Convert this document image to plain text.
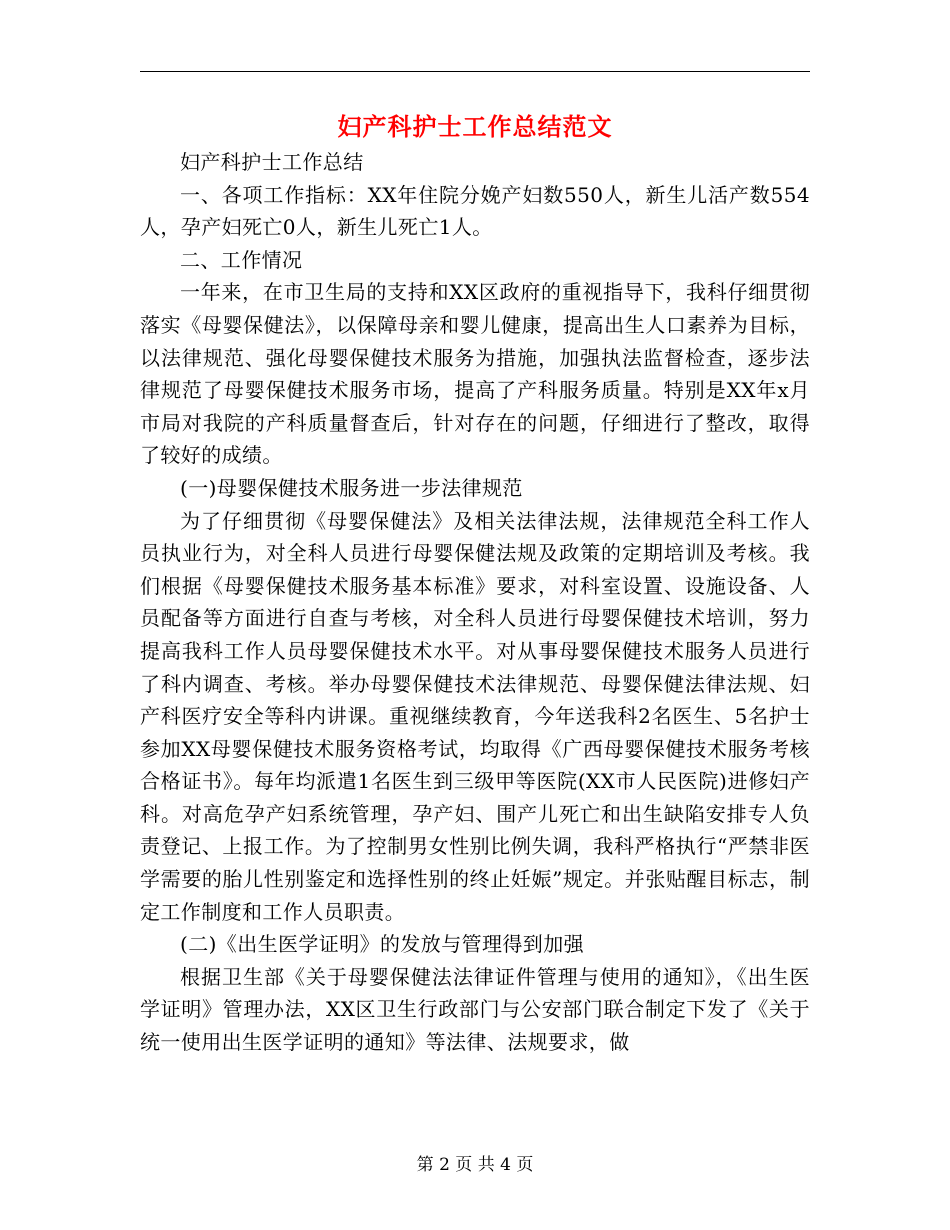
妇产科护士工作总结范文

妇产科护士工作总结

一、各项工作指标：XX年住院分娩产妇数550人，新生儿活产数554人，孕产妇死亡0人，新生儿死亡1人。

二、工作情况

一年来，在市卫生局的支持和XX区政府的重视指导下，我科仔细贯彻落实《母婴保健法》，以保障母亲和婴儿健康，提高出生人口素养为目标，以法律规范、强化母婴保健技术服务为措施，加强执法监督检查，逐步法律规范了母婴保健技术服务市场，提高了产科服务质量。特别是XX年x月市局对我院的产科质量督查后，针对存在的问题，仔细进行了整改，取得了较好的成绩。

(一)母婴保健技术服务进一步法律规范

为了仔细贯彻《母婴保健法》及相关法律法规，法律规范全科工作人员执业行为，对全科人员进行母婴保健法规及政策的定期培训及考核。我们根据《母婴保健技术服务基本标准》要求，对科室设置、设施设备、人员配备等方面进行自查与考核，对全科人员进行母婴保健技术培训，努力提高我科工作人员母婴保健技术水平。对从事母婴保健技术服务人员进行了科内调查、考核。举办母婴保健技术法律规范、母婴保健法律法规、妇产科医疗安全等科内讲课。重视继续教育，今年送我科2名医生、5名护士参加XX母婴保健技术服务资格考试，均取得《广西母婴保健技术服务考核合格证书》。每年均派遣1名医生到三级甲等医院(XX市人民医院)进修妇产科。对高危孕产妇系统管理，孕产妇、围产儿死亡和出生缺陷安排专人负责登记、上报工作。为了控制男女性别比例失调，我科严格执行“严禁非医学需要的胎儿性别鉴定和选择性别的终止妊娠”规定。并张贴醒目标志，制定工作制度和工作人员职责。

(二)《出生医学证明》的发放与管理得到加强

根据卫生部《关于母婴保健法法律证件管理与使用的通知》，《出生医学证明》管理办法，XX区卫生行政部门与公安部门联合制定下发了《关于统一使用出生医学证明的通知》等法律、法规要求，做

第 2 页 共 4 页
